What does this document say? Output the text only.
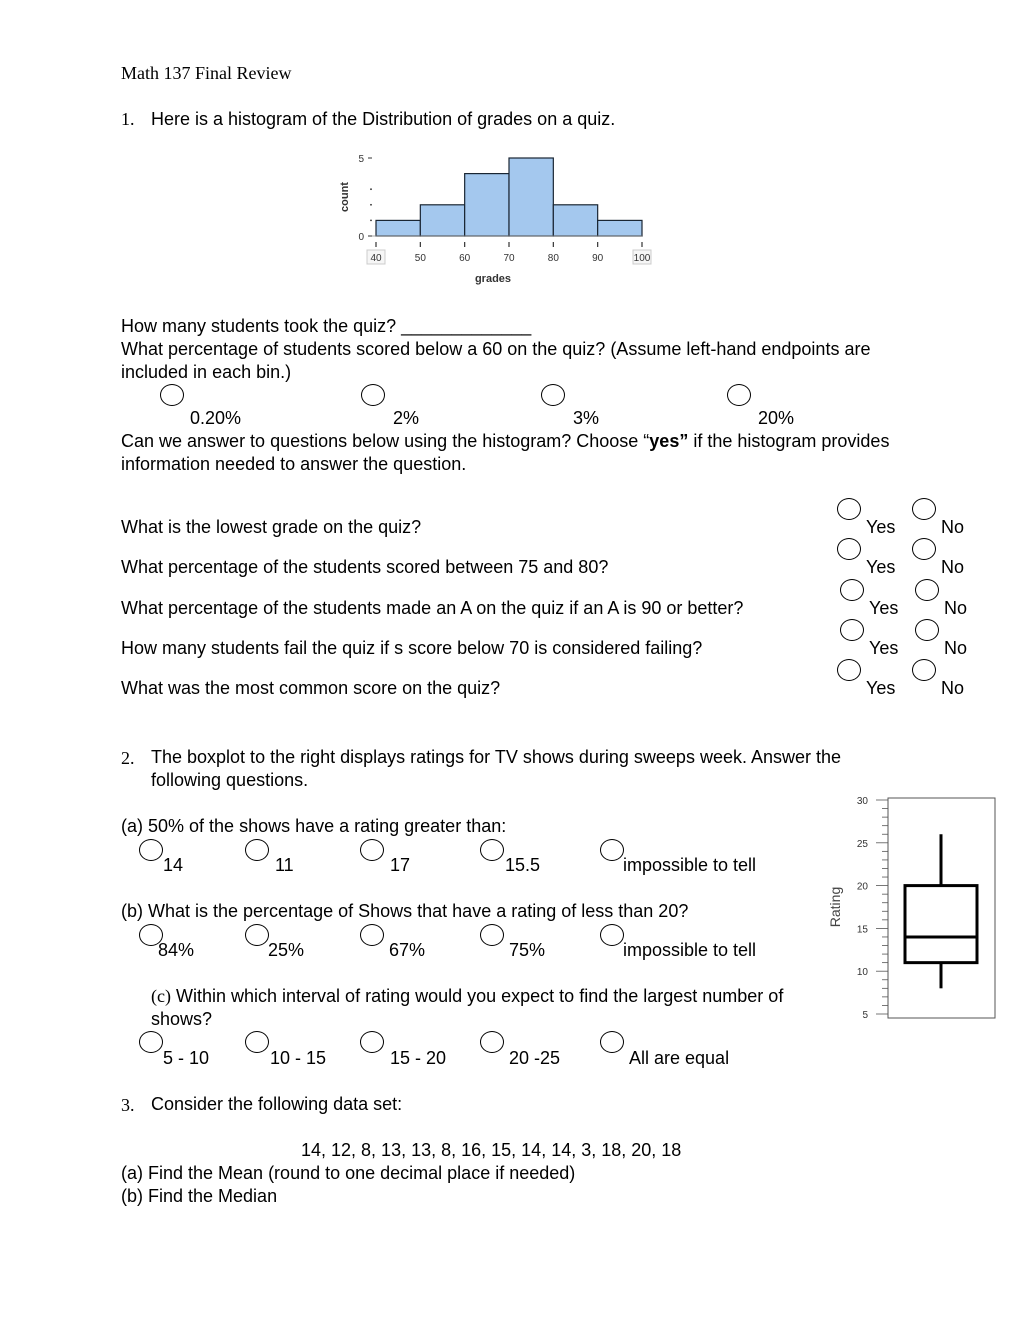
Math 137 Final Review
1. Here is a histogram of the Distribution of grades on a quiz.
40	50	60	70	80	90	100
0
5
grades
count
How many students took the quiz? _____________
What percentage of students scored below a 60 on the quiz? (Assume left-hand endpoints are
included in each bin.)
Can we answer to questions below using the histogram? Choose “yes” if the histogram provides
information needed to answer the question.
2. The boxplot to the right displays ratings for TV shows during sweeps week. Answer the
following questions.
5
10
15
20
25
30
Rating
(a) 50% of the shows have a rating greater than:
(b) What is the percentage of Shows that have a rating of less than 20?
(c) Within which interval of rating would you expect to find the largest number of
shows?
3. Consider the following data set:
14, 12, 8, 13, 13, 8, 16, 15, 14, 14, 3, 18, 20, 18
(a) Find the Mean (round to one decimal place if needed)
(b) Find the Median
0.20%	2%	3%	20%
What is the lowest grade on the quiz?	Yes	No
What percentage of the students scored between 75 and 80?	Yes	No
What percentage of the students made an A on the quiz if an A is 90 or better?	Yes	No
How many students fail the quiz if s score below 70 is considered failing?	Yes	No
What was the most common score on the quiz?	Yes	No
14	11	17	15.5	impossible to tell
84%	25%	67%	75%	impossible to tell
5 - 10	10 - 15	15 - 20	20 -25	All are equal
